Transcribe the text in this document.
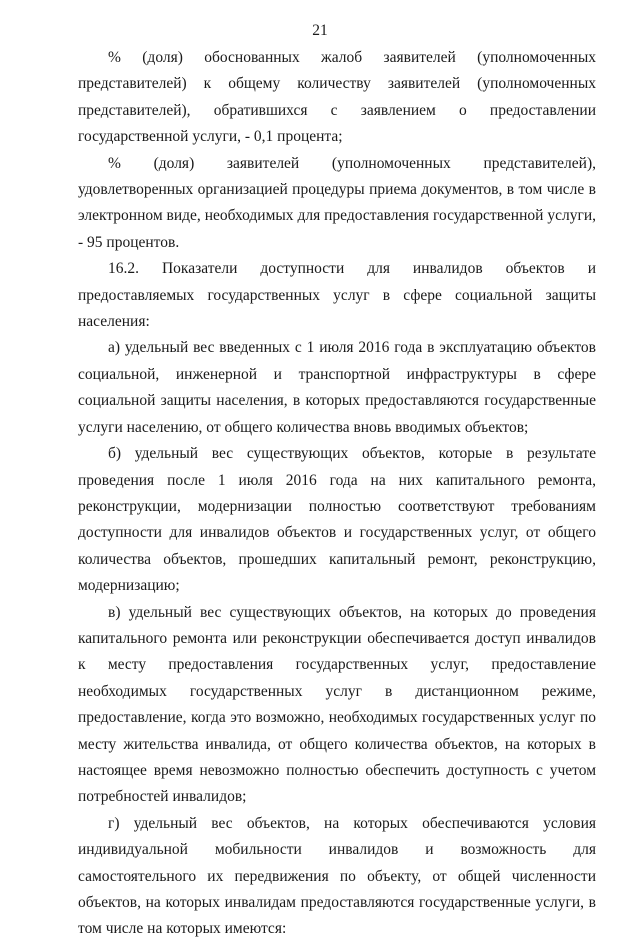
21

% (доля) обоснованных жалоб заявителей (уполномоченных представителей) к общему количеству заявителей (уполномоченных представителей), обратившихся с заявлением о предоставлении государственной услуги, - 0,1 процента;

% (доля) заявителей (уполномоченных представителей), удовлетворенных организацией процедуры приема документов, в том числе в электронном виде, необходимых для предоставления государственной услуги, - 95 процентов.

16.2. Показатели доступности для инвалидов объектов и предоставляемых государственных услуг в сфере социальной защиты населения:

а) удельный вес введенных с 1 июля 2016 года в эксплуатацию объектов социальной, инженерной и транспортной инфраструктуры в сфере социальной защиты населения, в которых предоставляются государственные услуги населению, от общего количества вновь вводимых объектов;

б) удельный вес существующих объектов, которые в результате проведения после 1 июля 2016 года на них капитального ремонта, реконструкции, модернизации полностью соответствуют требованиям доступности для инвалидов объектов и государственных услуг, от общего количества объектов, прошедших капитальный ремонт, реконструкцию, модернизацию;

в) удельный вес существующих объектов, на которых до проведения капитального ремонта или реконструкции обеспечивается доступ инвалидов к месту предоставления государственных услуг, предоставление необходимых государственных услуг в дистанционном режиме, предоставление, когда это возможно, необходимых государственных услуг по месту жительства инвалида, от общего количества объектов, на которых в настоящее время невозможно полностью обеспечить доступность с учетом потребностей инвалидов;

г) удельный вес объектов, на которых обеспечиваются условия индивидуальной мобильности инвалидов и возможность для самостоятельного их передвижения по объекту, от общей численности объектов, на которых инвалидам предоставляются государственные услуги, в том числе на которых имеются:
